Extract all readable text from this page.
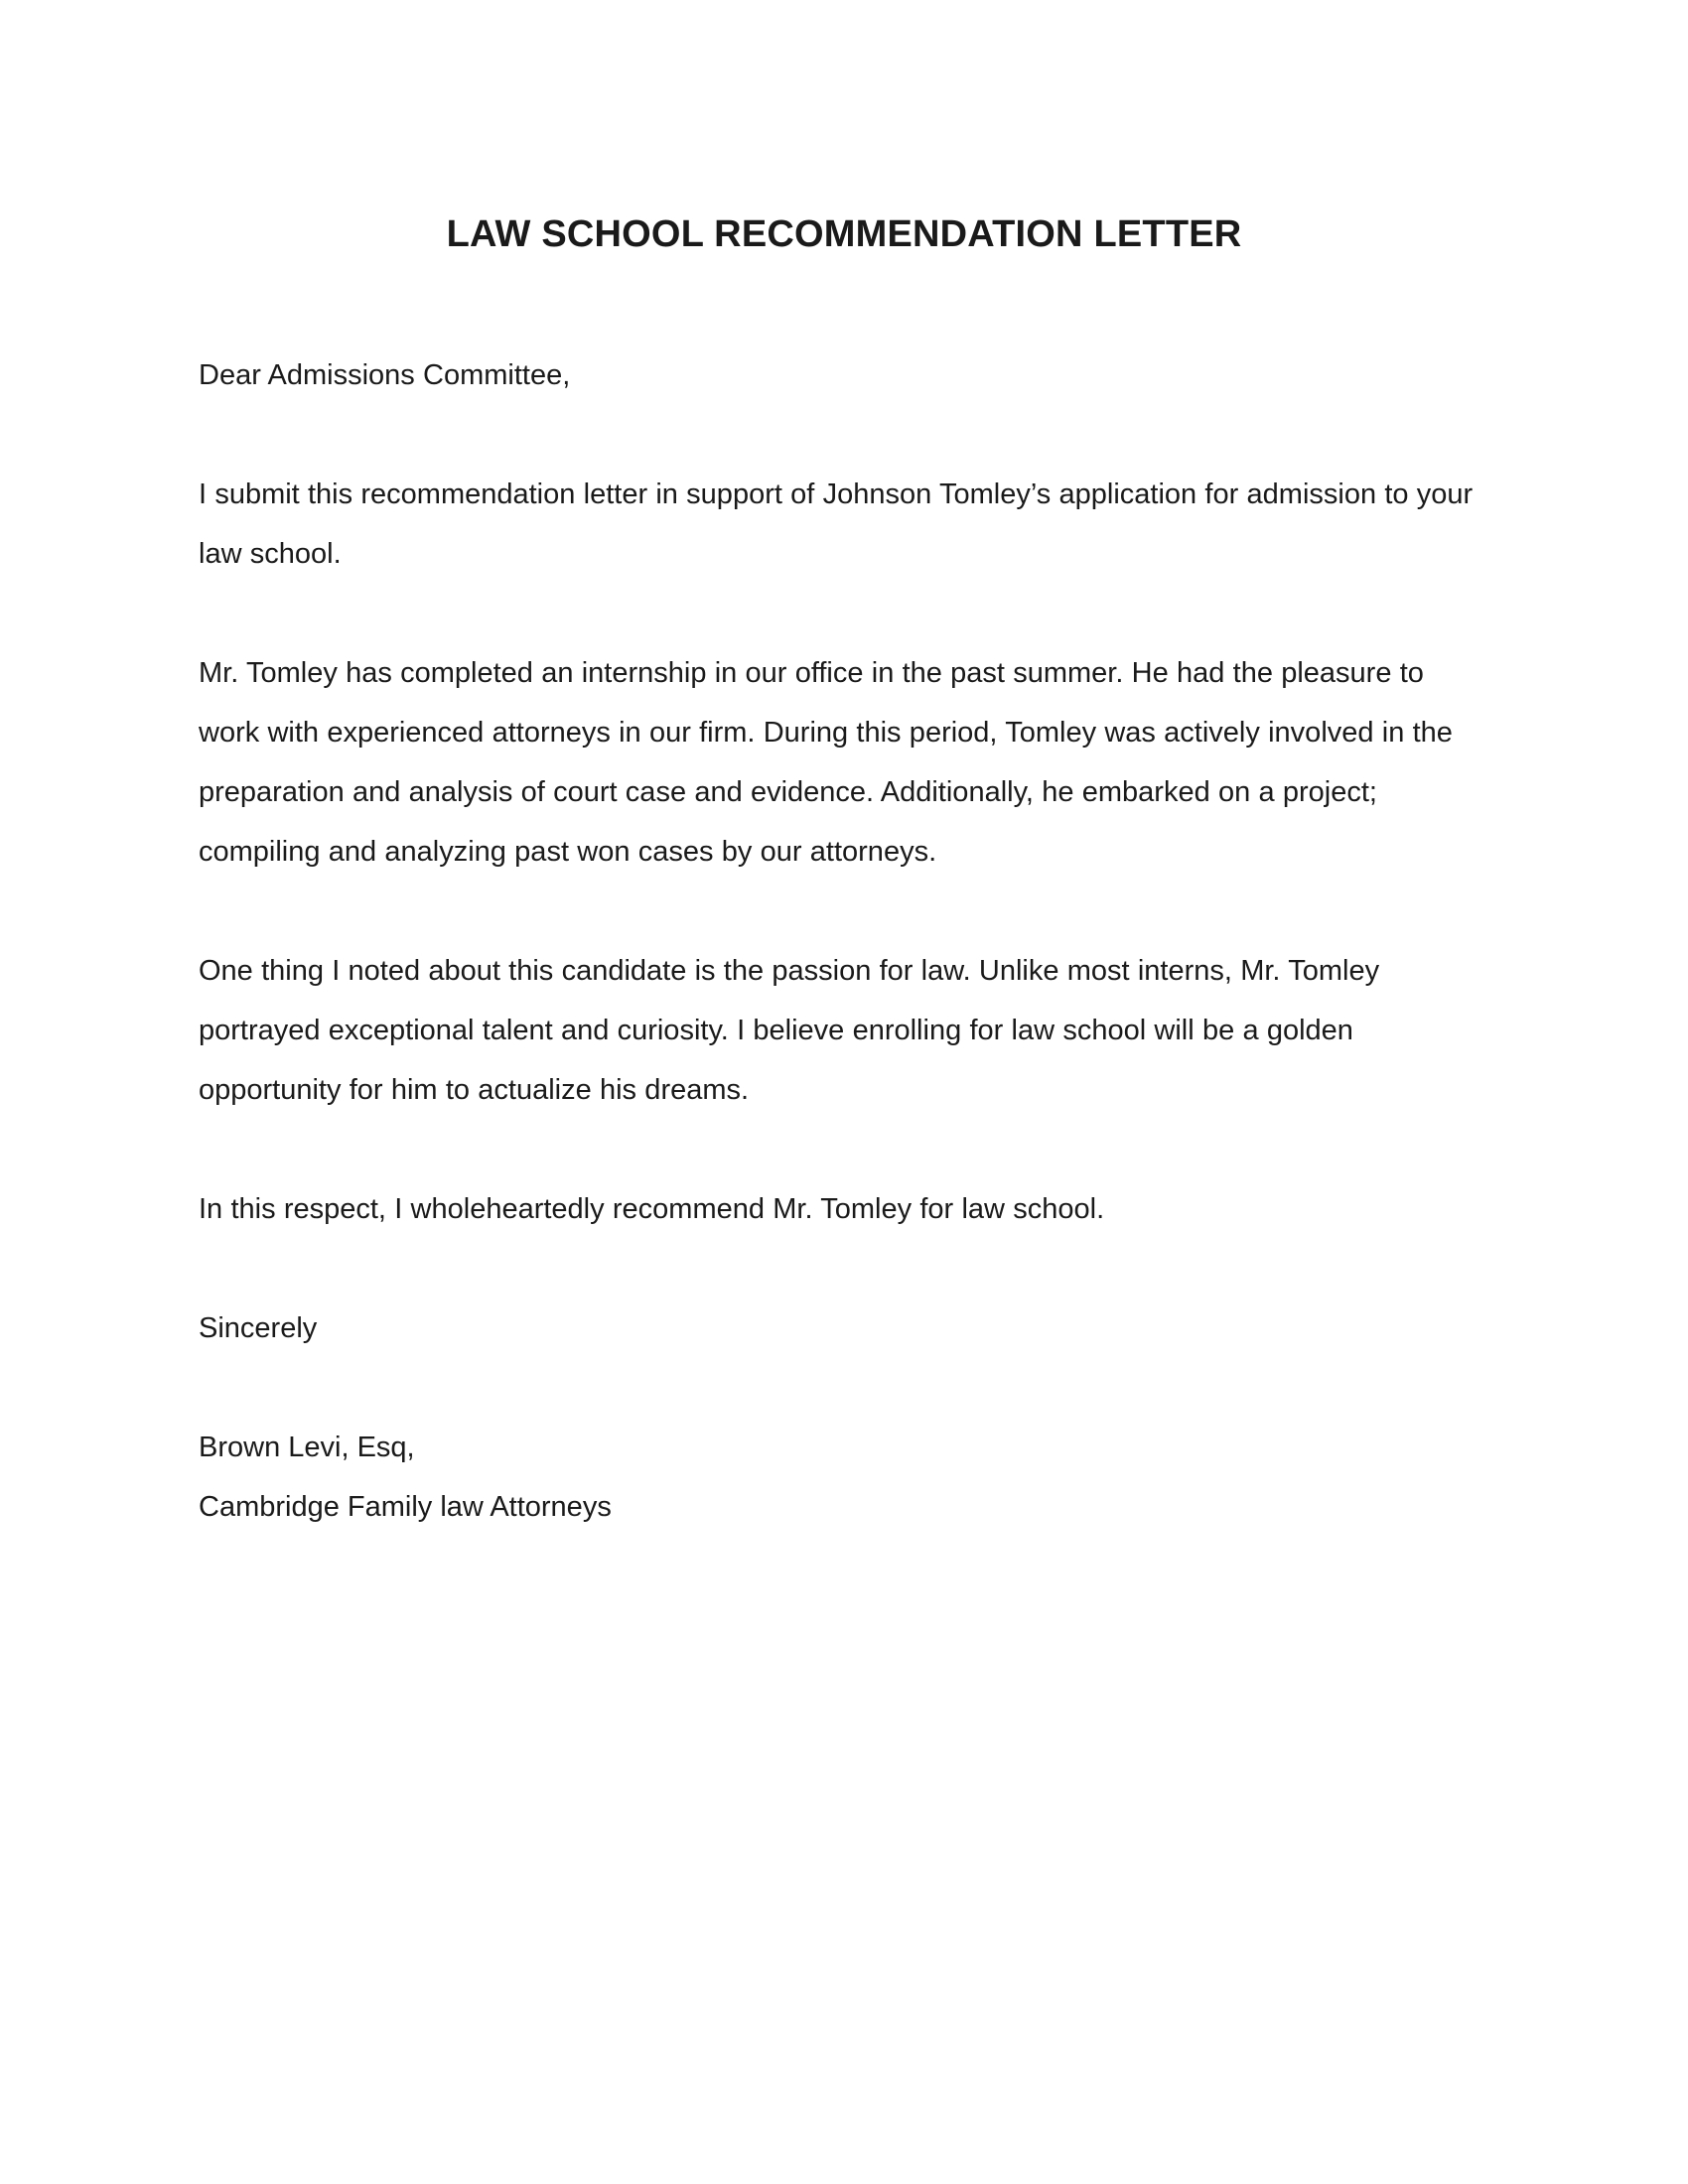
LAW SCHOOL RECOMMENDATION LETTER

Dear Admissions Committee,

I submit this recommendation letter in support of Johnson Tomley’s application for admission to your law school.

Mr. Tomley has completed an internship in our office in the past summer. He had the pleasure to work with experienced attorneys in our firm. During this period, Tomley was actively involved in the preparation and analysis of court case and evidence. Additionally, he embarked on a project; compiling and analyzing past won cases by our attorneys.

One thing I noted about this candidate is the passion for law. Unlike most interns, Mr. Tomley portrayed exceptional talent and curiosity. I believe enrolling for law school will be a golden opportunity for him to actualize his dreams.

In this respect, I wholeheartedly recommend Mr. Tomley for law school.

Sincerely

Brown Levi, Esq,

Cambridge Family law Attorneys
